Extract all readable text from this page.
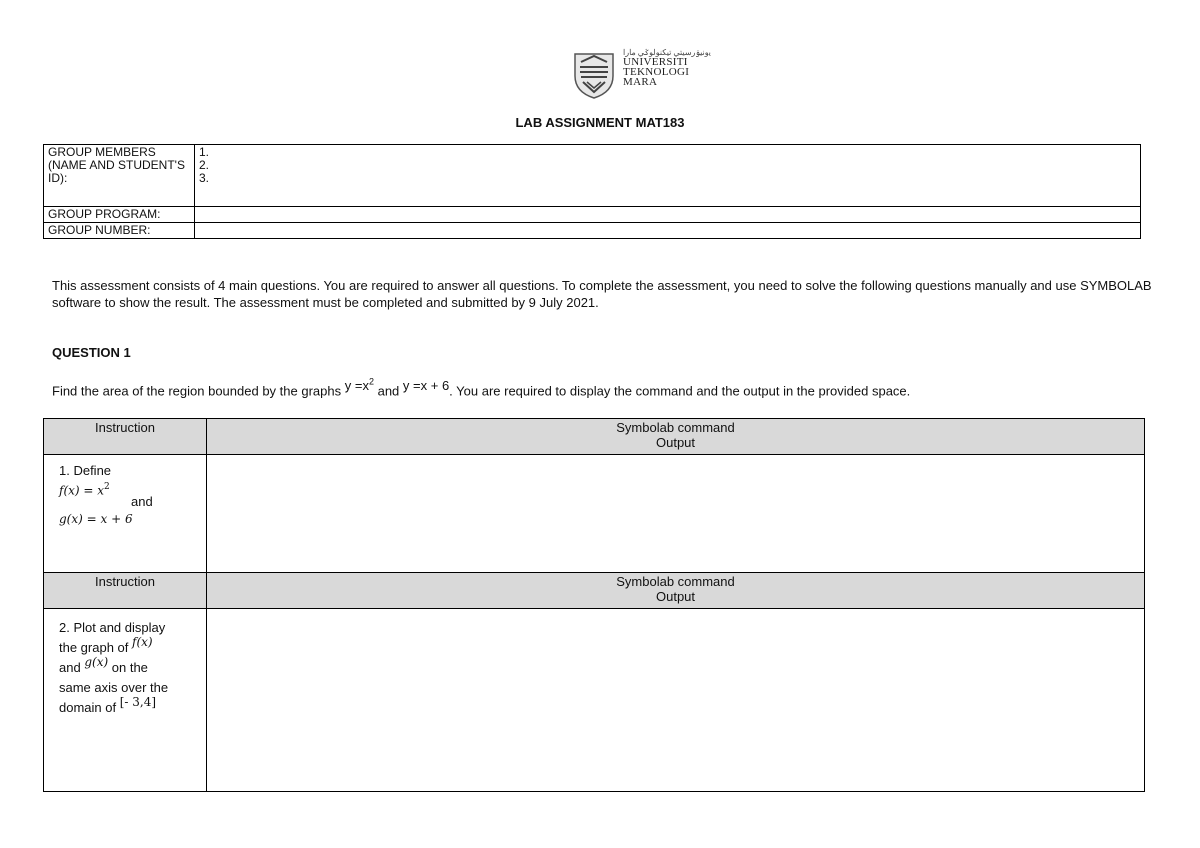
ﯾونيۏرسيتي تيکنولوݢي مارا
UNIVERSITI
TEKNOLOGI
MARA
LAB ASSIGNMENT MAT183
GROUP MEMBERS (NAME AND STUDENT'S ID):	1.
2.
3.

GROUP PROGRAM:	
GROUP NUMBER:	
This assessment consists of 4 main questions. You are required to answer all questions. To complete the assessment, you need to solve the following questions manually and use SYMBOLAB software to show the result. The assessment must be completed and submitted by 9 July 2021.
QUESTION 1
Find the area of the region bounded by the graphs $y =x^2$ and y =x + 6. You are required to display the command and the output in the provided space.
Instruction	Symbolab command
Output

1. Define
$f(x) = x^2$
and
g(x) = x + 6	

Instruction	Symbolab command
Output

2. Plot and display
the graph of f(x)
and g(x) on the
same axis over the
domain of [- 3,4]	
